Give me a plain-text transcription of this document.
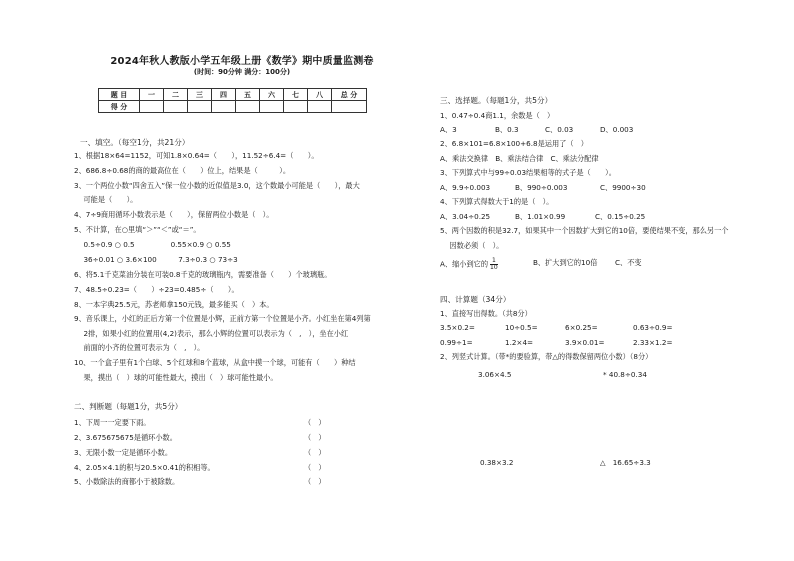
2024年秋人教版小学五年级上册《数学》期中质量监测卷
(时间：90分钟 满分：100分)
题 目	一	二	三	四	五	六	七	八	总 分
得 分									
一、填空。（每空1分，共21分）
1、根据18×64=1152，可知1.8×0.64=（　　），11.52÷6.4=（　　）。
2、686.8÷0.68的商的最高位在（　　）位上，结果是（　　　）。
3、一个两位小数“四舍五入”保一位小数的近似值是3.0，这个数最小可能是（　　），最大
　 可能是（　　）。
4、7÷9商用循环小数表示是（　　），保留两位小数是（　）。
5、不计算，在○里填“＞”“＜”或“＝”。
　 0.5÷0.9 ○ 0.5　　　　　0.55×0.9 ○ 0.55
　 36÷0.01 ○ 3.6×100　　　7.3÷0.3 ○ 73÷3
6、将5.1千克菜油分装在可装0.8千克的玻璃瓶内，需要准备（　　）个玻璃瓶。
7、48.5÷0.23=（　　）÷23=0.485÷（　　）。
8、一本字典25.5元，苏老师拿150元钱，最多能买（　）本。
9、音乐课上，小红的正后方第一个位置是小辉，正前方第一个位置是小齐。小红坐在第4列第
　 2排，如果小红的位置用(4,2)表示，那么小辉的位置可以表示为（　,　），坐在小红
　 前面的小齐的位置可表示为（　,　）。
10、一个盒子里有1个白球、5个红球和8个蓝球，从盒中摸一个球，可能有（　　）种结
　 果，摸出（　）球的可能性最大，摸出（　）球可能性最小。
二、判断题（每题1分，共5分）
1、下周一一定要下雨。	（　）
2、3.675675675是循环小数。	（　）
3、无限小数一定是循环小数。	（　）
4、2.05×4.1的积与20.5×0.41的积相等。	（　）
5、小数除法的商都小于被除数。	（　）
三、选择题。（每题1分，共5分）
1、0.47÷0.4商1.1，余数是（　）
A、3	B、0.3	C、0.03	D、0.003
2、6.8×101=6.8×100+6.8是运用了（　）
A、乘法交换律　B、乘法结合律　C、乘法分配律
3、下列算式中与99÷0.03结果相等的式子是（　　）。
A、9.9÷0.003	B、990÷0.003	C、9900÷30
4、下列算式得数大于1的是（　）。
A、3.04÷0.25	B、1.01×0.99	C、0.15÷0.25
5、两个因数的积是32.7，如果其中一个因数扩大到它的10倍，要使结果不变，那么另一个
　 因数必须（　）。
A、缩小到它的 $\frac{1}{10}$	B、扩大到它的10倍 C、不变
四、计算题（34分）
1、直接写出得数。（共8分）
3.5×0.2=	10÷0.5=	6×0.25=	0.63÷0.9=
0.99÷1=	1.2×4=	3.9×0.01=	2.33×1.2=
2、列竖式计算。（带*的要验算，带△的得数保留两位小数）（8分）
3.06×4.5	* 40.8÷0.34
0.38×3.2	△　16.65÷3.3
